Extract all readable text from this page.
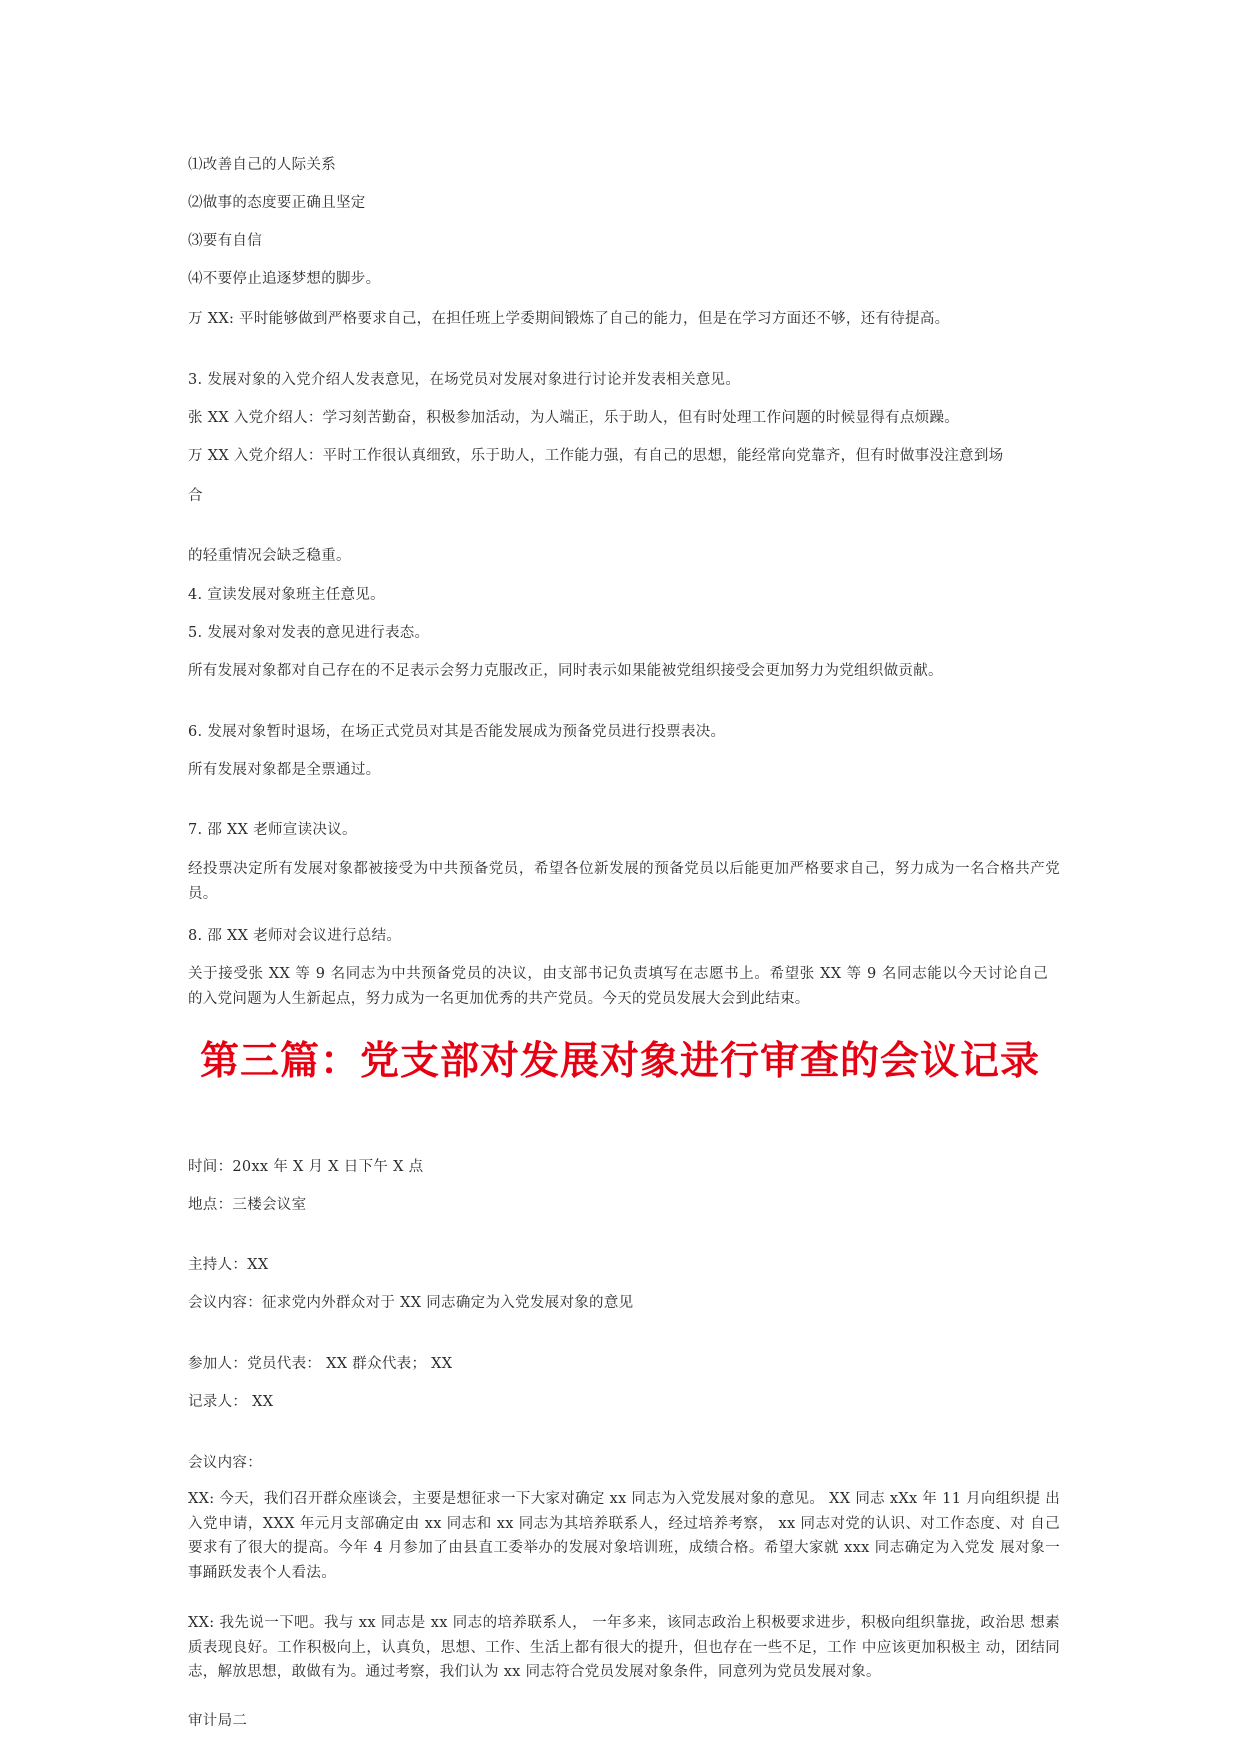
⑴改善自己的人际关系
⑵做事的态度要正确且坚定
⑶要有自信
⑷不要停止追逐梦想的脚步。
万 XX: 平时能够做到严格要求自己，在担任班上学委期间锻炼了自己的能力，但是在学习方面还不够，还有待提高。
3. 发展对象的入党介绍人发表意见，在场党员对发展对象进行讨论并发表相关意见。
张 XX 入党介绍人：学习刻苦勤奋，积极参加活动，为人端正，乐于助人，但有时处理工作问题的时候显得有点烦躁。
万 XX 入党介绍人：平时工作很认真细致，乐于助人，工作能力强，有自己的思想，能经常向党靠齐，但有时做事没注意到场
合
的轻重情况会缺乏稳重。
4. 宣读发展对象班主任意见。
5. 发展对象对发表的意见进行表态。
所有发展对象都对自己存在的不足表示会努力克服改正，同时表示如果能被党组织接受会更加努力为党组织做贡献。
6. 发展对象暂时退场，在场正式党员对其是否能发展成为预备党员进行投票表决。
所有发展对象都是全票通过。
7. 邵 XX 老师宣读决议。
经投票决定所有发展对象都被接受为中共预备党员，希望各位新发展的预备党员以后能更加严格要求自己，努力成为一名合格共产党员。
8. 邵 XX 老师对会议进行总结。
关于接受张 XX 等 9 名同志为中共预备党员的决议，由支部书记负责填写在志愿书上。希望张 XX 等 9 名同志能以今天讨论自己 的入党问题为人生新起点，努力成为一名更加优秀的共产党员。今天的党员发展大会到此结束。
第三篇：党支部对发展对象进行审查的会议记录
时间：20xx 年 X 月 X 日下午 X 点
地点：三楼会议室
主持人：XX
会议内容：征求党内外群众对于 XX 同志确定为入党发展对象的意见
参加人：党员代表： XX 群众代表； XX
记录人： XX
会议内容：
XX: 今天，我们召开群众座谈会，主要是想征求一下大家对确定 xx 同志为入党发展对象的意见。 XX 同志 xXx 年 11 月向组织提 出入党申请，XXX 年元月支部确定由 xx 同志和 xx 同志为其培养联系人，经过培养考察， xx 同志对党的认识、对工作态度、对 自己要求有了很大的提高。今年 4 月参加了由县直工委举办的发展对象培训班，成绩合格。希望大家就 xxx 同志确定为入党发 展对象一事踊跃发表个人看法。
XX: 我先说一下吧。我与 xx 同志是 xx 同志的培养联系人， 一年多来，该同志政治上积极要求进步，积极向组织靠拢，政治思 想素质表现良好。工作积极向上，认真负，思想、工作、生活上都有很大的提升，但也存在一些不足，工作 中应该更加积极主 动，团结同志，解放思想，敢做有为。通过考察，我们认为 xx 同志符合党员发展对象条件，同意列为党员发展对象。
审计局二
